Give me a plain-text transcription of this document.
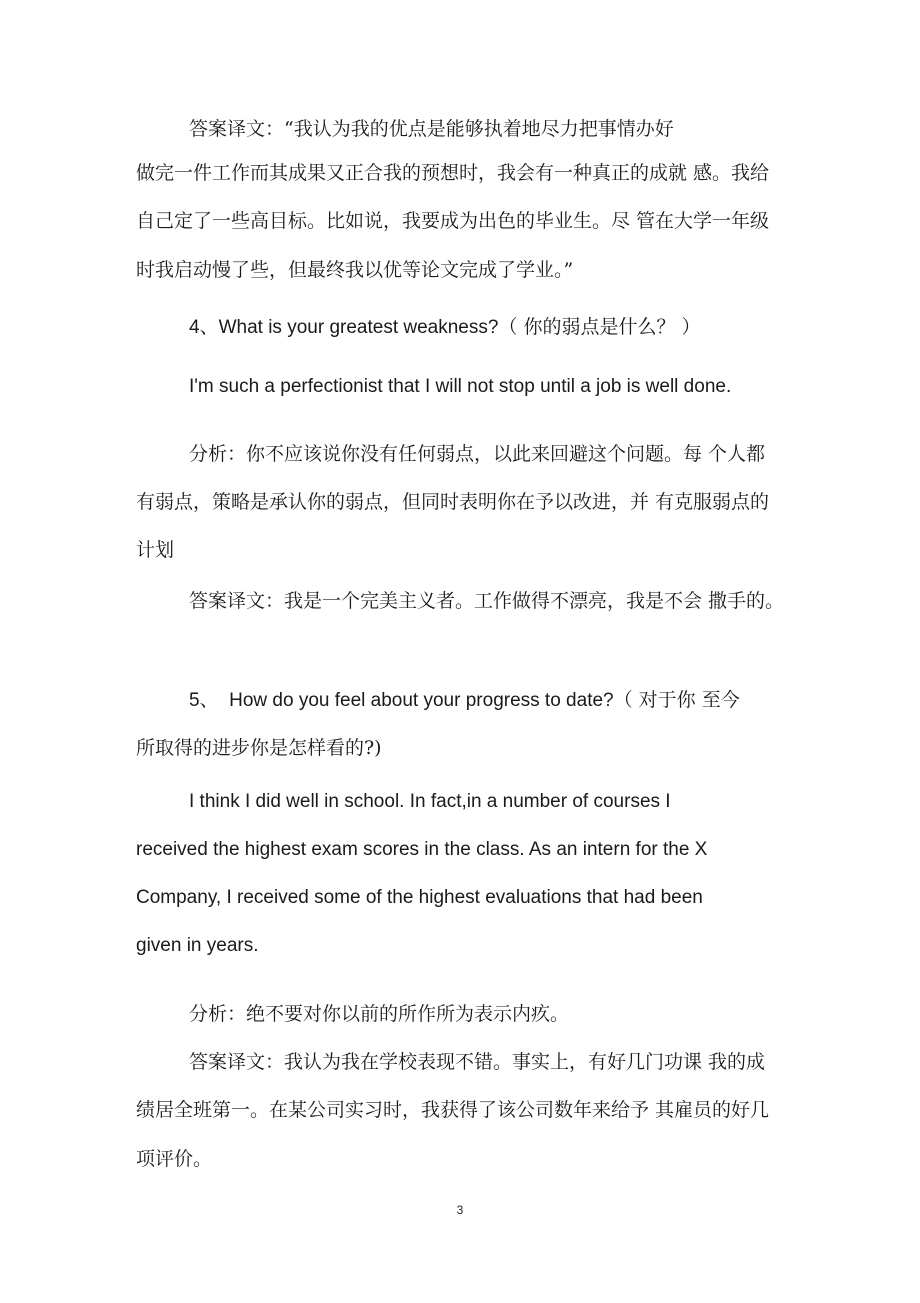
答案译文：“我认为我的优点是能够执着地尽力把事情办好
做完一件工作而其成果又正合我的预想时，我会有一种真正的成就 感。我给
自己定了一些高目标。比如说，我要成为出色的毕业生。尽 管在大学一年级
时我启动慢了些，但最终我以优等论文完成了学业。”
4、What is your greatest weakness?（ 你的弱点是什么？ ）
I'm such a perfectionist that I will not stop until a job is well done.
分析：你不应该说你没有任何弱点，以此来回避这个问题。每 个人都
有弱点，策略是承认你的弱点，但同时表明你在予以改进，并 有克服弱点的
计划
答案译文：我是一个完美主义者。工作做得不漂亮，我是不会 撒手的。
5、 How do you feel about your progress to date?（ 对于你 至今
所取得的进步你是怎样看的?)
I think I did well in school. In fact,in a number of courses I
received the highest exam scores in the class. As an intern for the X
Company, I received some of the highest evaluations that had been
given in years.
分析：绝不要对你以前的所作所为表示内疚。
答案译文：我认为我在学校表现不错。事实上，有好几门功课 我的成
绩居全班第一。在某公司实习时，我获得了该公司数年来给予 其雇员的好几
项评价。
3
